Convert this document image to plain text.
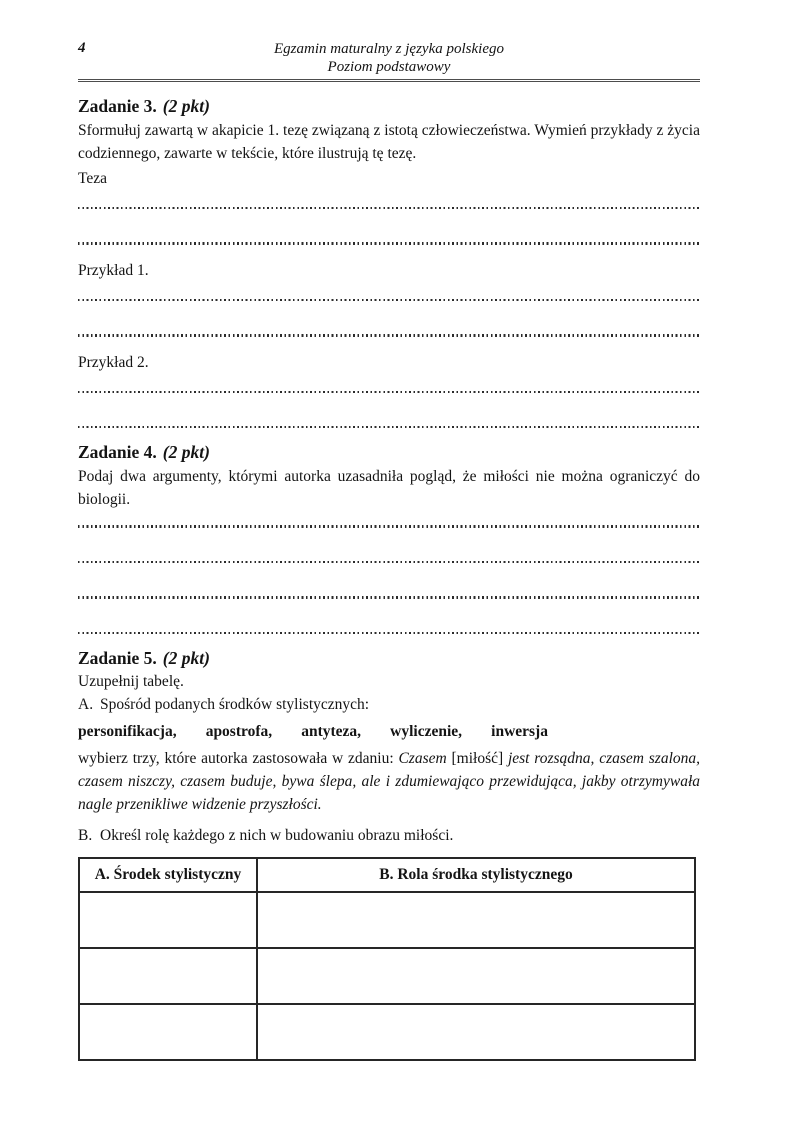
4	Egzamin maturalny z języka polskiego
Poziom podstawowy
Zadanie 3. (2 pkt)
Sformułuj zawartą w akapicie 1. tezę związaną z istotą człowieczeństwa. Wymień przykłady z życia codziennego, zawarte w tekście, które ilustrują tę tezę.
Teza
Przykład 1.
Przykład 2.
Zadanie 4. (2 pkt)
Podaj dwa argumenty, którymi autorka uzasadniła pogląd, że miłości nie można ograniczyć do biologii.
Zadanie 5. (2 pkt)
Uzupełnij tabelę.
A. Spośród podanych środków stylistycznych:
personifikacja, apostrofa, antyteza, wyliczenie, inwersja
wybierz trzy, które autorka zastosowała w zdaniu: Czasem [miłość] jest rozsądna, czasem szalona, czasem niszczy, czasem buduje, bywa ślepa, ale i zdumiewająco przewidująca, jakby otrzymywała nagle przenikliwe widzenie przyszłości.
B. Określ rolę każdego z nich w budowaniu obrazu miłości.
A. Środek stylistyczny	B. Rola środka stylistycznego
